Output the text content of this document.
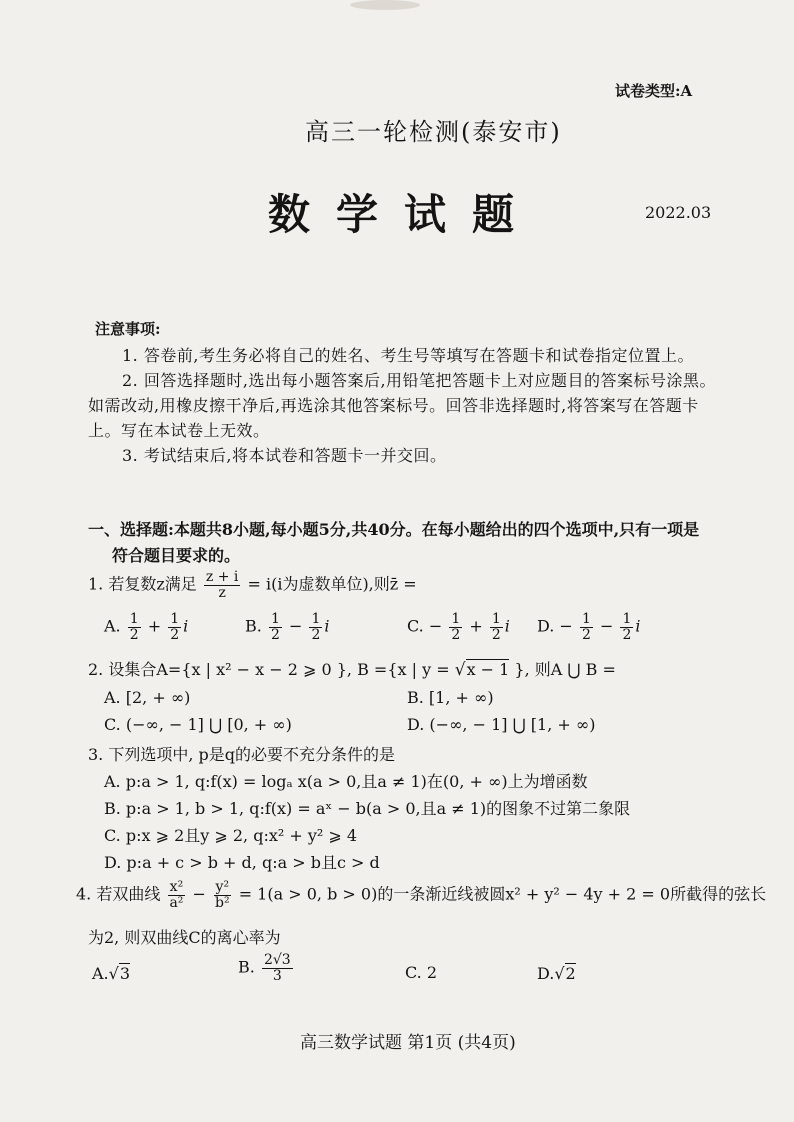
试卷类型:A
高三一轮检测(泰安市)
数学试题	2022.03
注意事项:
1. 答卷前,考生务必将自己的姓名、考生号等填写在答题卡和试卷指定位置上。
2. 回答选择题时,选出每小题答案后,用铅笔把答题卡上对应题目的答案标号涂黑。
如需改动,用橡皮擦干净后,再选涂其他答案标号。回答非选择题时,将答案写在答题卡
上。写在本试卷上无效。
3. 考试结束后,将本试卷和答题卡一并交回。
一、选择题:本题共8小题,每小题5分,共40分。在每小题给出的四个选项中,只有一项是
符合题目要求的。
1. 若复数z满足 $\frac{z + i}{z} = i(i$为虚数单位),则z̄ =
A. $\frac{1}{2} + \frac{1}{2}$ i	B. $\frac{1}{2} - \frac{1}{2}$ i	C. − $\frac{1}{2} + \frac{1}{2}$ i D. − $\frac{1}{2} - \frac{1}{2}$ i
2. 设集合A={x | x² − x − 2 ⩾ 0 }, B ={x | y = √x − 1 }, 则A ⋃ B =
A. [2, + ∞)	B. [1, + ∞)
C. (−∞, − 1] ⋃ [0, + ∞)	D. (−∞, − 1] ⋃ [1, + ∞)
3. 下列选项中, p是q的必要不充分条件的是
A. p:a > 1, q:f(x) = logₐ x(a > 0,且a ≠ 1)在(0, + ∞)上为增函数
B. p:a > 1, b > 1, q:f(x) = aˣ − b(a > 0,且a ≠ 1)的图象不过第二象限
C. p:x ⩾ 2且y ⩾ 2, q:x² + y² ⩾ 4
D. p:a + c > b + d, q:a > b且c > d
4. 若双曲线 $\frac{\text{x²}}{\text{a²}} - \frac{\text{y²}}{\text{b²}} = 1(a > 0$, b > 0)的一条渐近线被圆x² + y² − 4y + 2 = 0所截得的弦长
为2, 则双曲线C的离心率为
A.√3	B. $\frac{2√3}{3}$	C. 2	D.√2
高三数学试题 第1页 (共4页)
